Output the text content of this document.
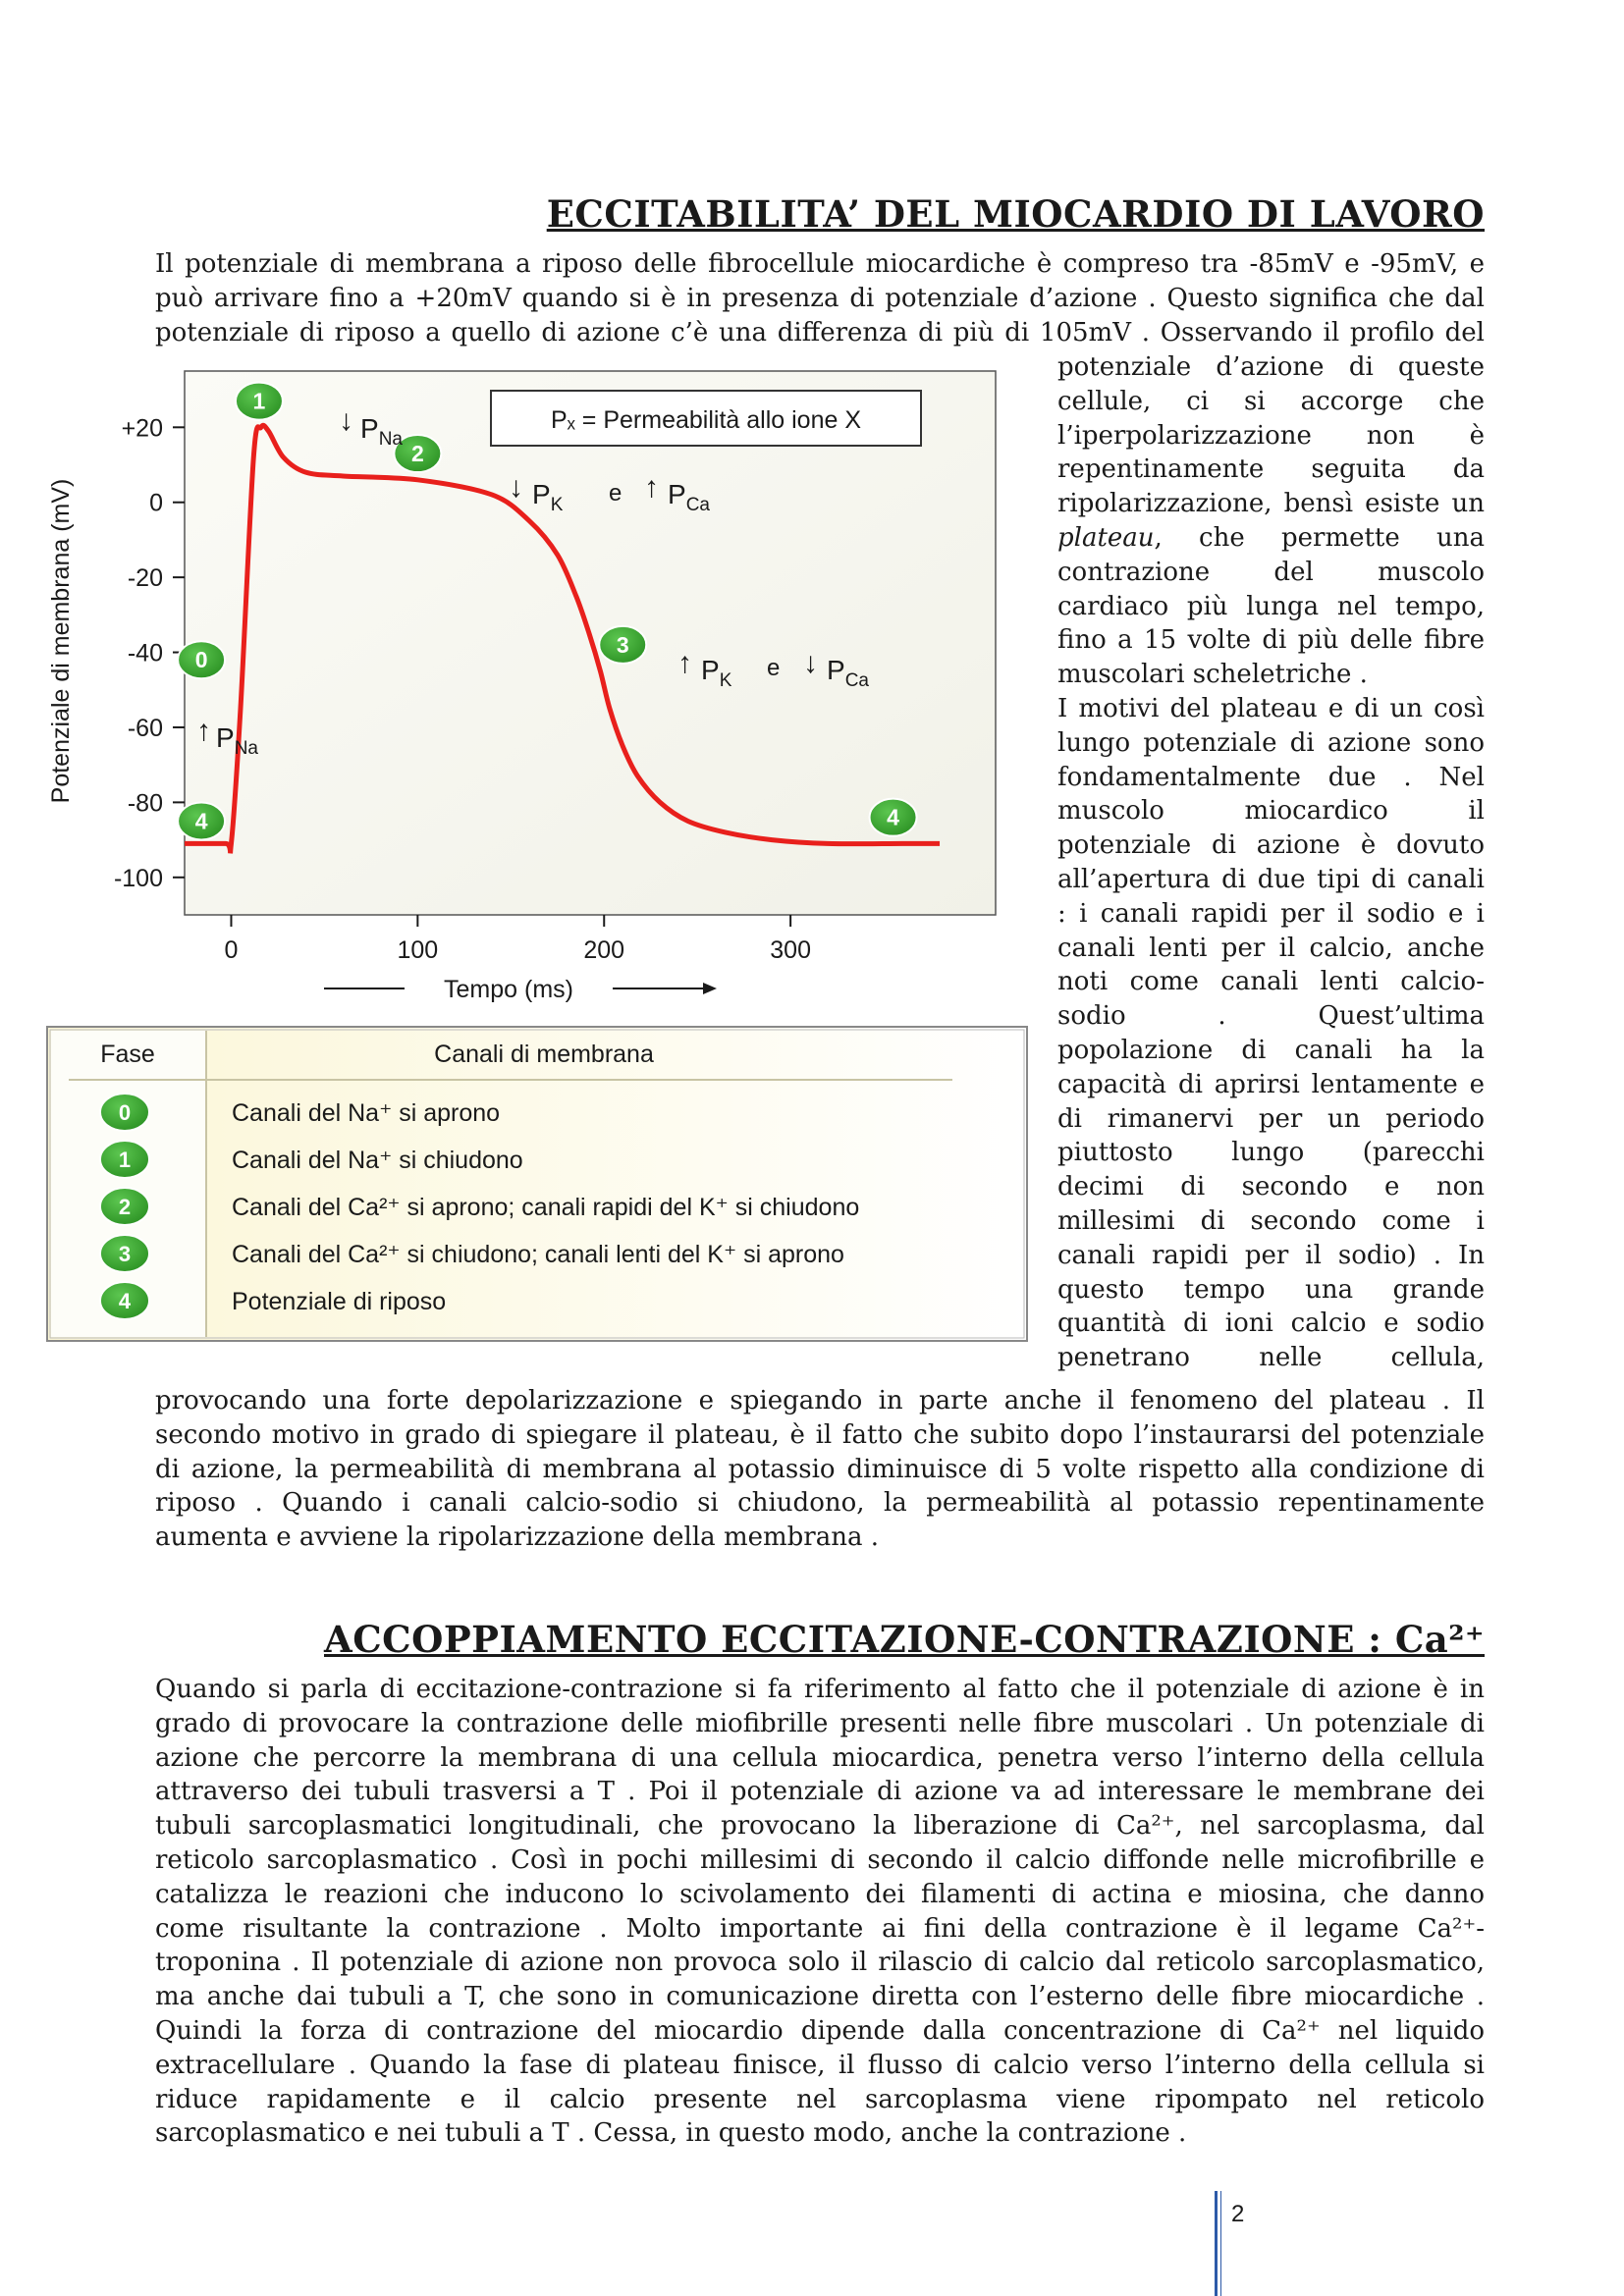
ECCITABILITA’ DEL MIOCARDIO DI LAVORO
Il potenziale di membrana a riposo delle fibrocellule miocardiche è compreso tra -85mV e -95mV, e
può arrivare fino a +20mV quando si è in presenza di potenziale d’azione . Questo significa che dal
potenziale di riposo a quello di azione c’è una differenza di più di 105mV . Osservando il profilo del
potenziale d’azione di queste
cellule, ci si accorge che
l’iperpolarizzazione non è
repentinamente seguita da
ripolarizzazione, bensì esiste un
plateau, che permette una
contrazione del muscolo
cardiaco più lunga nel tempo,
fino a 15 volte di più delle fibre
muscolari scheletriche .
I motivi del plateau e di un così
lungo potenziale di azione sono
fondamentalmente due . Nel
muscolo miocardico il
potenziale di azione è dovuto
all’apertura di due tipi di canali
: i canali rapidi per il sodio e i
canali lenti per il calcio, anche
noti come canali lenti calcio-
sodio . Quest’ultima
popolazione di canali ha la
capacità di aprirsi lentamente e
di rimanervi per un periodo
piuttosto lungo (parecchi
decimi di secondo e non
millesimi di secondo come i
canali rapidi per il sodio) . In
questo tempo una grande
quantità di ioni calcio e sodio
penetrano nelle cellula,
provocando una forte depolarizzazione e spiegando in parte anche il fenomeno del plateau . Il
secondo motivo in grado di spiegare il plateau, è il fatto che subito dopo l’instaurarsi del potenziale
di azione, la permeabilità di membrana al potassio diminuisce di 5 volte rispetto alla condizione di
riposo . Quando i canali calcio-sodio si chiudono, la permeabilità al potassio repentinamente
aumenta e avviene la ripolarizzazione della membrana .
+20
0
-20
-40
-60
-80
-100
0	100	200	300
Potenziale di membrana (mV)
Tempo (ms)
Pₓ = Permeabilità allo ione X
0
1
2
3
4	4
↓ $P_{Na}$
↓ $P_K$ e ↑ $P_{Ca}$
↑ $P_K$ e ↓ $P_{Ca}$
↑ $P_{Na}$
Fase	Canali di membrana
0	Canali del Na⁺ si aprono
1	Canali del Na⁺ si chiudono
2	Canali del Ca²⁺ si aprono; canali rapidi del K⁺ si chiudono
3	Canali del Ca²⁺ si chiudono; canali lenti del K⁺ si aprono
4	Potenziale di riposo
ACCOPPIAMENTO ECCITAZIONE-CONTRAZIONE : Ca²⁺
Quando si parla di eccitazione-contrazione si fa riferimento al fatto che il potenziale di azione è in
grado di provocare la contrazione delle miofibrille presenti nelle fibre muscolari . Un potenziale di
azione che percorre la membrana di una cellula miocardica, penetra verso l’interno della cellula
attraverso dei tubuli trasversi a T . Poi il potenziale di azione va ad interessare le membrane dei
tubuli sarcoplasmatici longitudinali, che provocano la liberazione di Ca²⁺, nel sarcoplasma, dal
reticolo sarcoplasmatico . Così in pochi millesimi di secondo il calcio diffonde nelle microfibrille e
catalizza le reazioni che inducono lo scivolamento dei filamenti di actina e miosina, che danno
come risultante la contrazione . Molto importante ai fini della contrazione è il legame Ca²⁺-
troponina . Il potenziale di azione non provoca solo il rilascio di calcio dal reticolo sarcoplasmatico,
ma anche dai tubuli a T, che sono in comunicazione diretta con l’esterno delle fibre miocardiche .
Quindi la forza di contrazione del miocardio dipende dalla concentrazione di Ca²⁺ nel liquido
extracellulare . Quando la fase di plateau finisce, il flusso di calcio verso l’interno della cellula si
riduce rapidamente e il calcio presente nel sarcoplasma viene ripompato nel reticolo
sarcoplasmatico e nei tubuli a T . Cessa, in questo modo, anche la contrazione .
2
